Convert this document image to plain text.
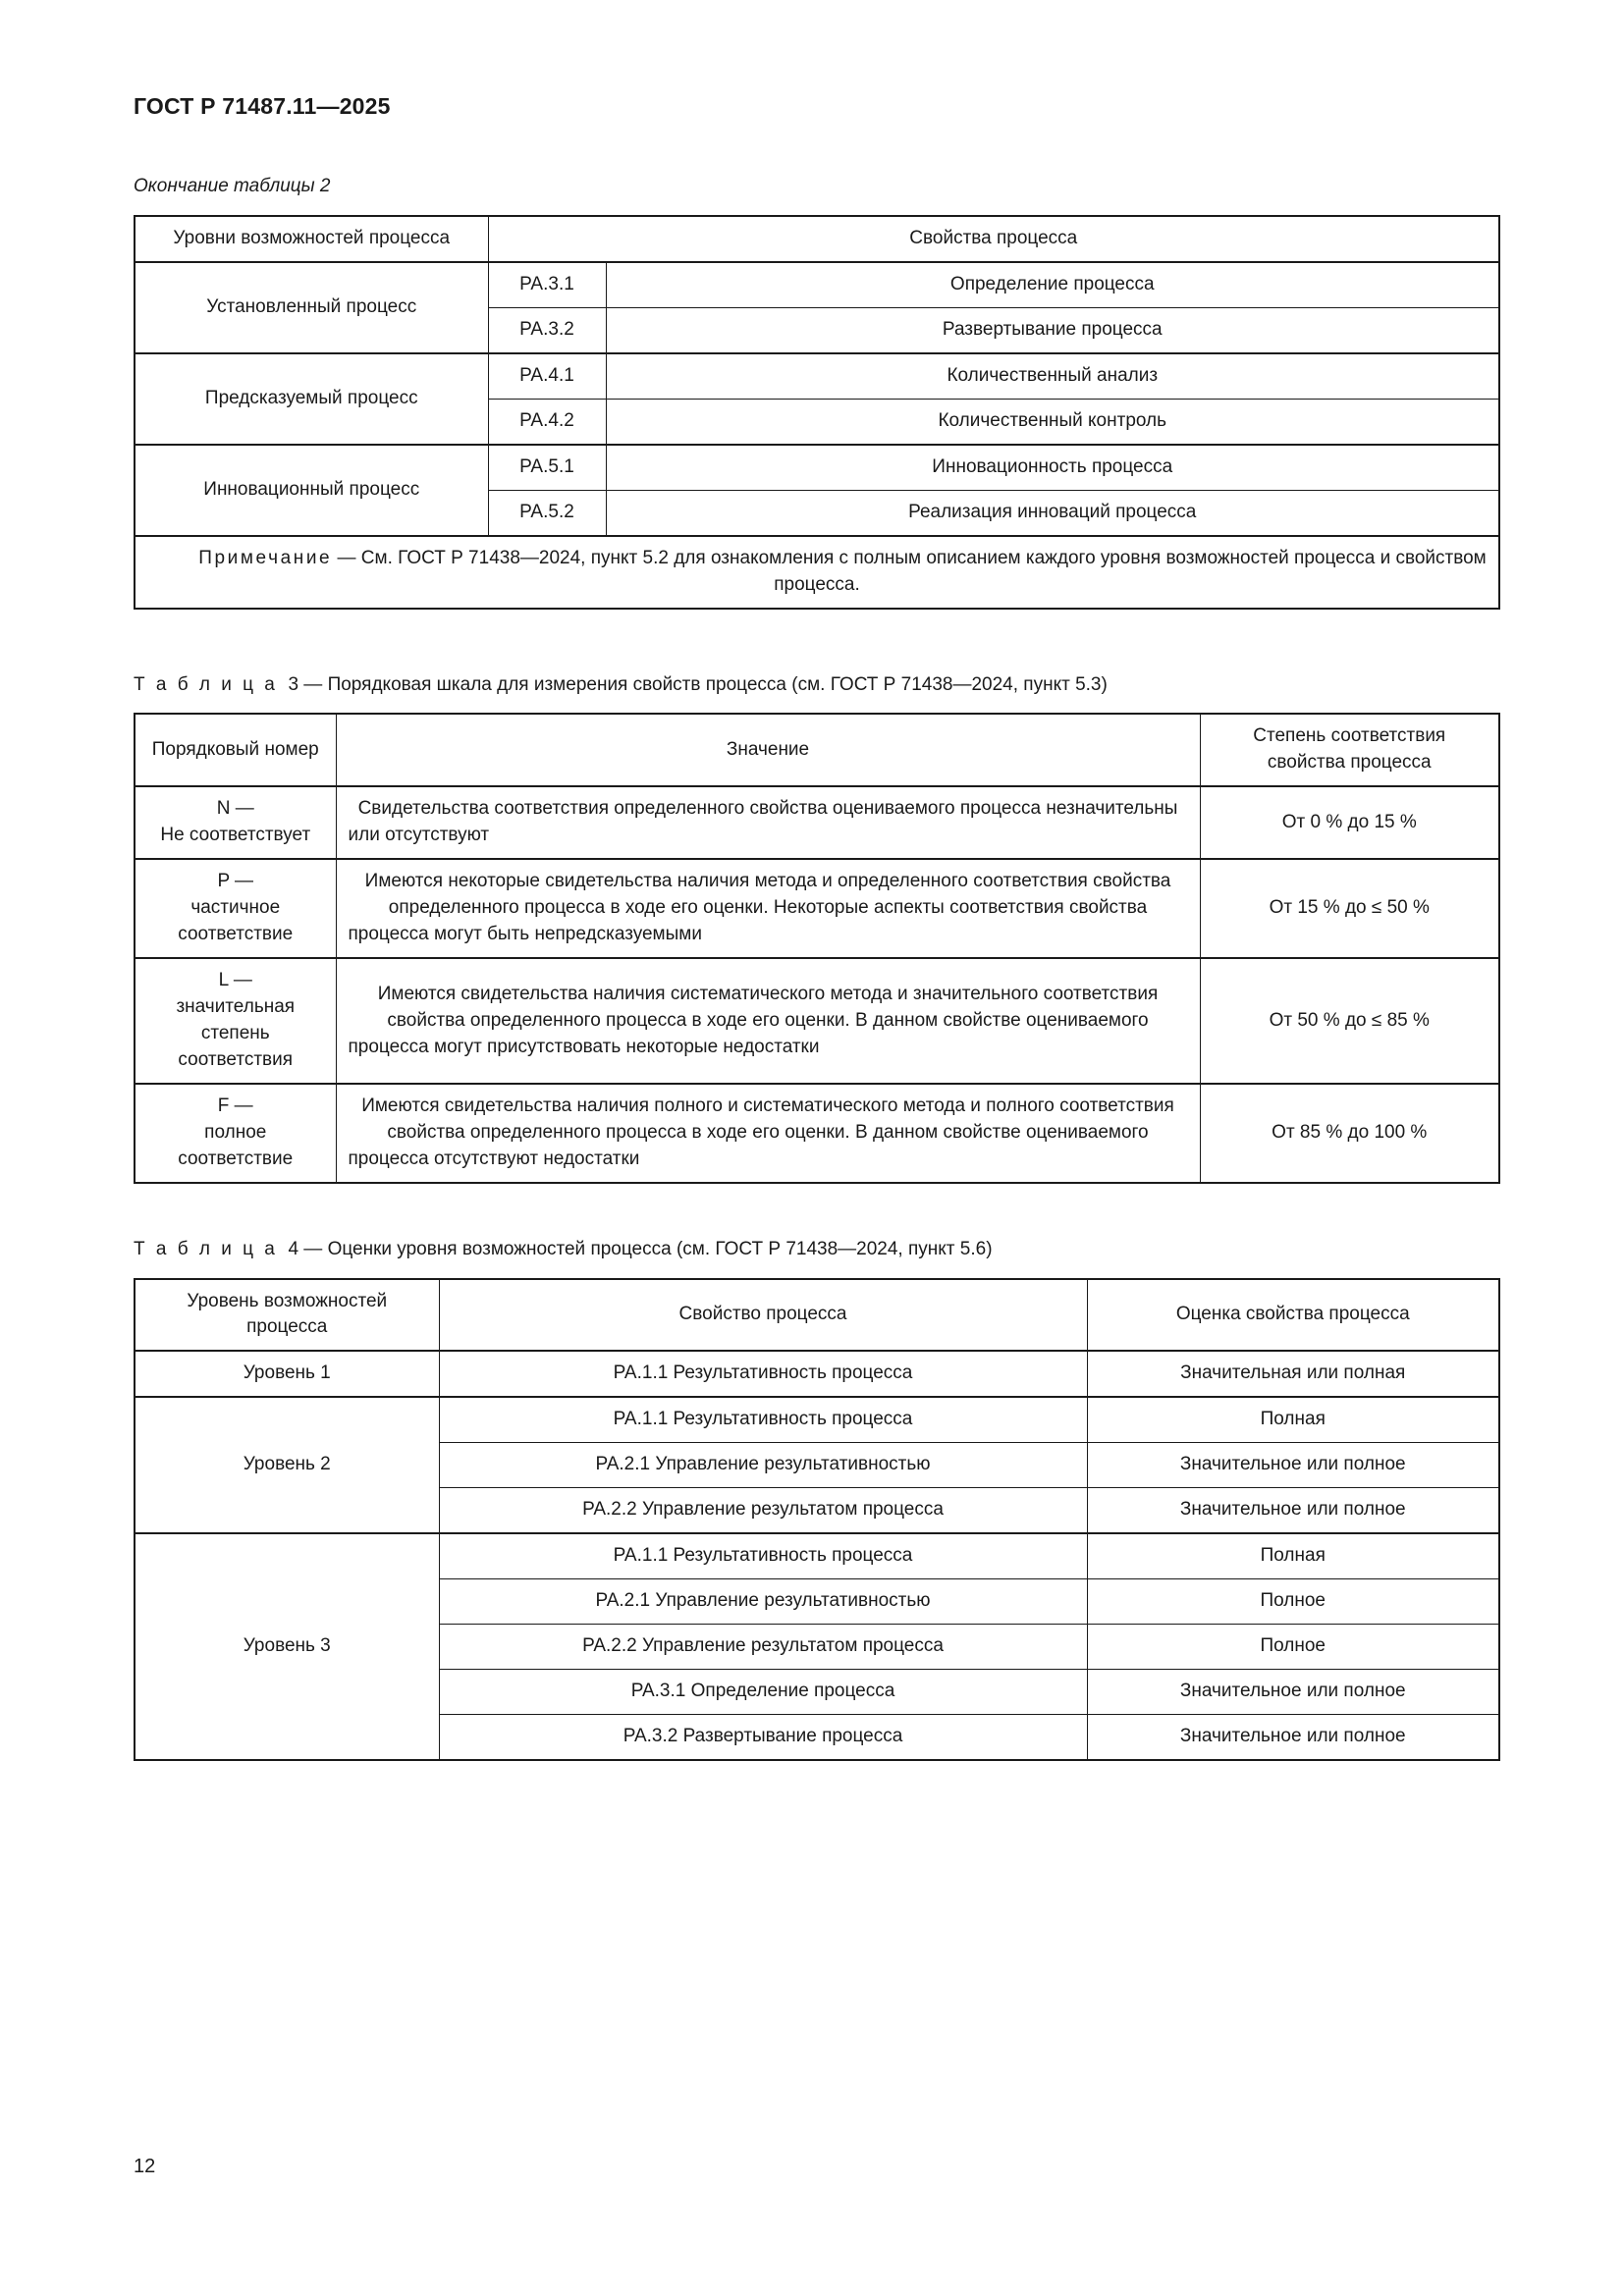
ГОСТ Р 71487.11—2025
Окончание таблицы 2
Уровни возможностей процесса	Свойства процесса	
Установленный процесс	PA.3.1	Определение процесса
	PA.3.2	Развертывание процесса
Предсказуемый процесс	PA.4.1	Количественный анализ
	PA.4.2	Количественный контроль
Инновационный процесс	PA.5.1	Инновационность процесса
	PA.5.2	Реализация инноваций процесса
Примечание — См. ГОСТ Р 71438—2024, пункт 5.2 для ознакомления с полным описанием каждого уровня возможностей процесса и свойством процесса.		
Т а б л и ц а 3 — Порядковая шкала для измерения свойств процесса (см. ГОСТ Р 71438—2024, пункт 5.3)
Порядковый номер	Значение	Степень соответствия свойства процесса
N —
Не соответствует	Свидетельства соответствия определенного свойства оцениваемого процесса незначительны или отсутствуют	От 0 % до 15 %
P —
частичное соответствие	Имеются некоторые свидетельства наличия метода и определенного соответствия свойства определенного процесса в ходе его оценки. Некоторые аспекты соответствия свойства процесса могут быть непредсказуемыми	От 15 % до ≤ 50 %
L —
значительная степень соответствия	Имеются свидетельства наличия систематического метода и значительного соответствия свойства определенного процесса в ходе его оценки. В данном свойстве оцениваемого процесса могут присутствовать некоторые недостатки	От 50 % до ≤ 85 %
F —
полное соответствие	Имеются свидетельства наличия полного и систематического метода и полного соответствия свойства определенного процесса в ходе его оценки. В данном свойстве оцениваемого процесса отсутствуют недостатки	От 85 % до 100 %
Т а б л и ц а 4 — Оценки уровня возможностей процесса (см. ГОСТ Р 71438—2024, пункт 5.6)
Уровень возможностей процесса	Свойство процесса	Оценка свойства процесса
Уровень 1	PA.1.1 Результативность процесса	Значительная или полная
Уровень 2	PA.1.1 Результативность процесса	Полная
	PA.2.1 Управление результативностью	Значительное или полное
	PA.2.2 Управление результатом процесса	Значительное или полное
Уровень 3	PA.1.1 Результативность процесса	Полная
	PA.2.1 Управление результативностью	Полное
	PA.2.2 Управление результатом процесса	Полное
	PA.3.1 Определение процесса	Значительное или полное
	PA.3.2 Развертывание процесса	Значительное или полное
12
